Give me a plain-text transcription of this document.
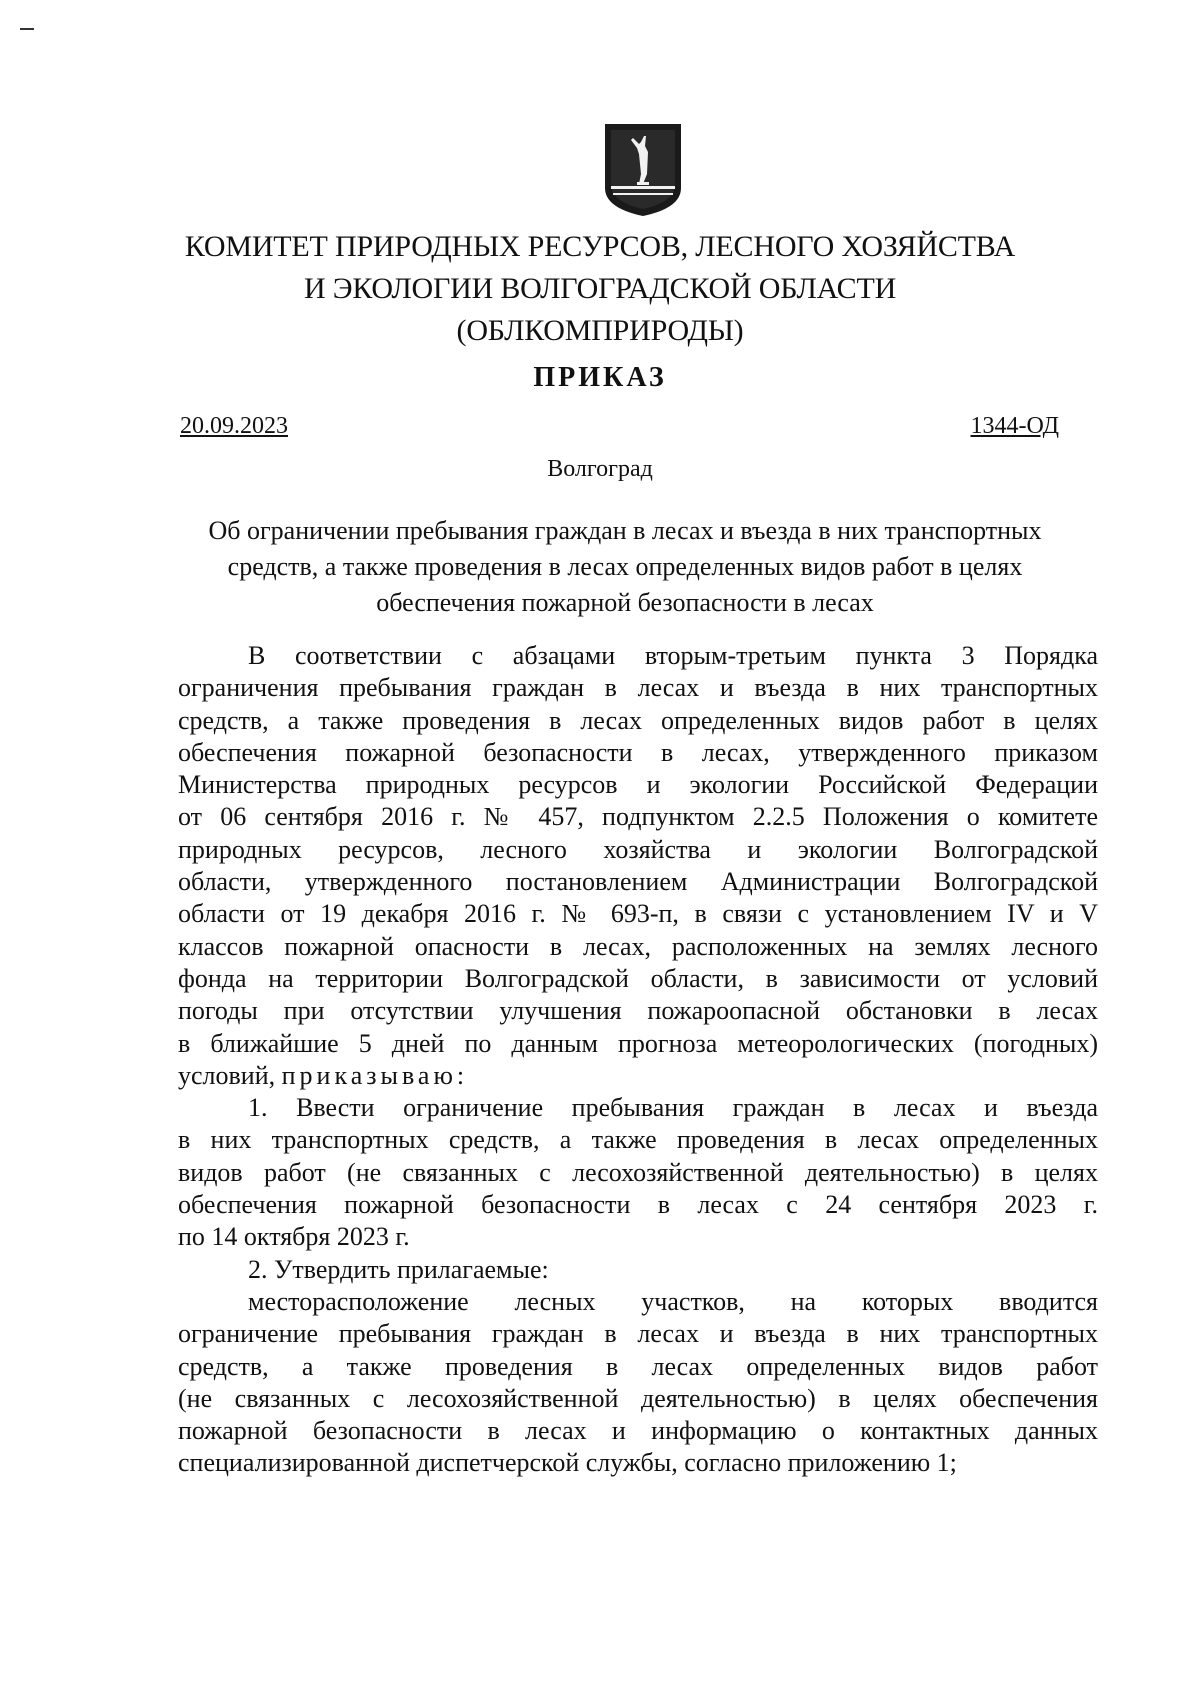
КОМИТЕТ ПРИРОДНЫХ РЕСУРСОВ, ЛЕСНОГО ХОЗЯЙСТВА
И ЭКОЛОГИИ ВОЛГОГРАДСКОЙ ОБЛАСТИ
(ОБЛКОМПРИРОДЫ)
ПРИКАЗ
20.09.2023	1344-ОД
Волгоград
Об ограничении пребывания граждан в лесах и въезда в них транспортных
средств, а также проведения в лесах определенных видов работ в целях
обеспечения пожарной безопасности в лесах
В соответствии с абзацами вторым-третьим пункта 3 Порядка
ограничения пребывания граждан в лесах и въезда в них транспортных
средств, а также проведения в лесах определенных видов работ в целях
обеспечения пожарной безопасности в лесах, утвержденного приказом
Министерства природных ресурсов и экологии Российской Федерации
от 06 сентября 2016 г. № 457, подпунктом 2.2.5 Положения о комитете
природных ресурсов, лесного хозяйства и экологии Волгоградской
области, утвержденного постановлением Администрации Волгоградской
области от 19 декабря 2016 г. № 693-п, в связи с установлением IV и V
классов пожарной опасности в лесах, расположенных на землях лесного
фонда на территории Волгоградской области, в зависимости от условий
погоды при отсутствии улучшения пожароопасной обстановки в лесах
в ближайшие 5 дней по данным прогноза метеорологических (погодных)
условий, приказываю:
1. Ввести ограничение пребывания граждан в лесах и въезда
в них транспортных средств, а также проведения в лесах определенных
видов работ (не связанных с лесохозяйственной деятельностью) в целях
обеспечения пожарной безопасности в лесах с 24 сентября 2023 г.
по 14 октября 2023 г.
2. Утвердить прилагаемые:
месторасположение лесных участков, на которых вводится
ограничение пребывания граждан в лесах и въезда в них транспортных
средств, а также проведения в лесах определенных видов работ
(не связанных с лесохозяйственной деятельностью) в целях обеспечения
пожарной безопасности в лесах и информацию о контактных данных
специализированной диспетчерской службы, согласно приложению 1;
